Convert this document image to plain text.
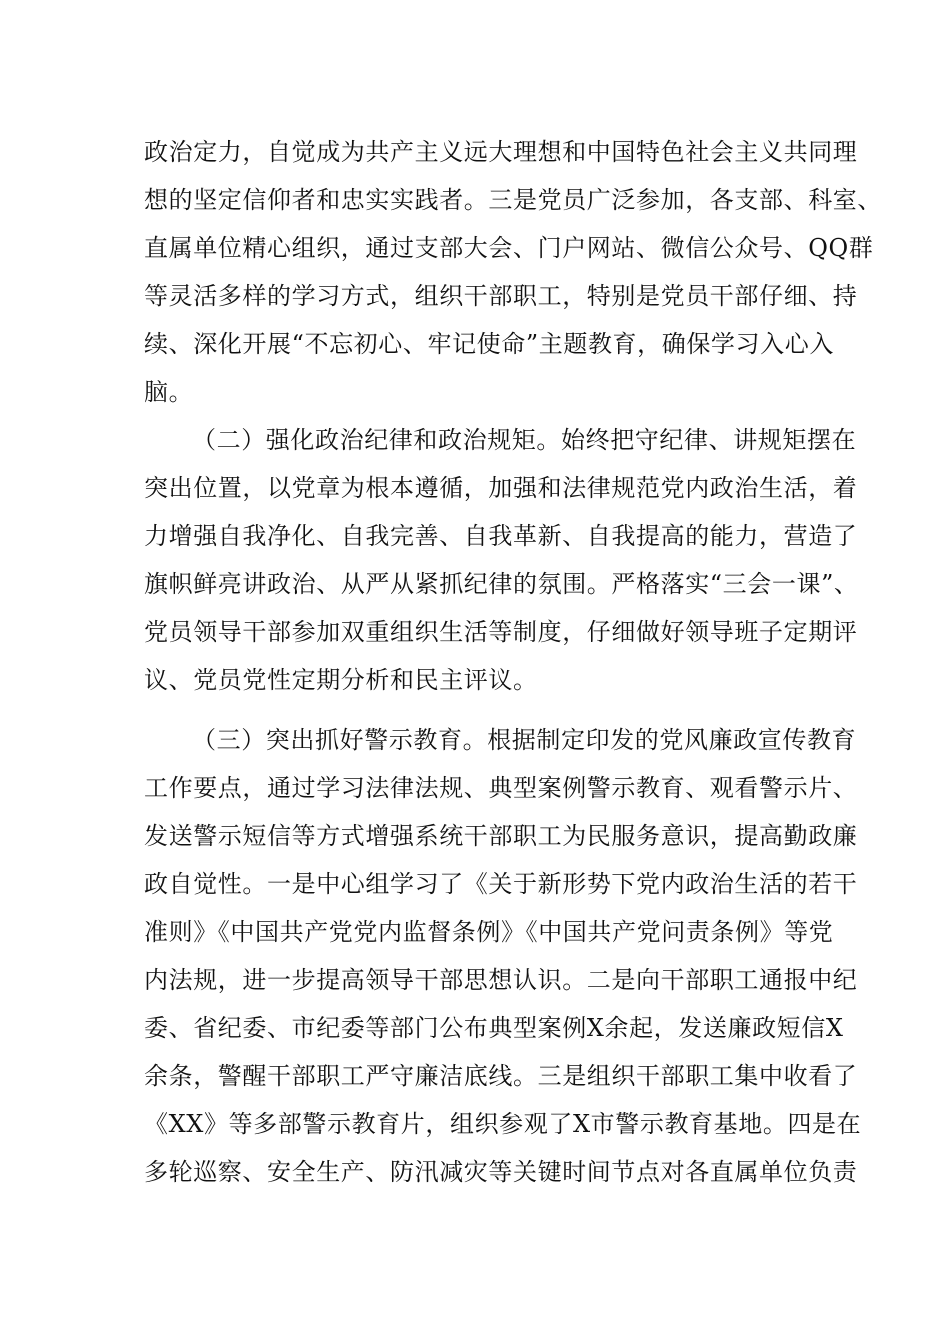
政治定力，自觉成为共产主义远大理想和中国特色社会主义共同理
想的坚定信仰者和忠实实践者。三是党员广泛参加，各支部、科室、
直属单位精心组织，通过支部大会、门户网站、微信公众号、QQ群
等灵活多样的学习方式，组织干部职工，特别是党员干部仔细、持
续、深化开展“不忘初心、牢记使命”主题教育，确保学习入心入
脑。
（二）强化政治纪律和政治规矩。始终把守纪律、讲规矩摆在
突出位置，以党章为根本遵循，加强和法律规范党内政治生活，着
力增强自我净化、自我完善、自我革新、自我提高的能力，营造了
旗帜鲜亮讲政治、从严从紧抓纪律的氛围。严格落实“三会一课”、
党员领导干部参加双重组织生活等制度，仔细做好领导班子定期评
议、党员党性定期分析和民主评议。
（三）突出抓好警示教育。根据制定印发的党风廉政宣传教育
工作要点，通过学习法律法规、典型案例警示教育、观看警示片、
发送警示短信等方式增强系统干部职工为民服务意识，提高勤政廉
政自觉性。一是中心组学习了《关于新形势下党内政治生活的若干
准则》《中国共产党党内监督条例》《中国共产党问责条例》等党
内法规，进一步提高领导干部思想认识。二是向干部职工通报中纪
委、省纪委、市纪委等部门公布典型案例X余起，发送廉政短信X
余条，警醒干部职工严守廉洁底线。三是组织干部职工集中收看了
《XX》等多部警示教育片，组织参观了X市警示教育基地。四是在
多轮巡察、安全生产、防汛减灾等关键时间节点对各直属单位负责
